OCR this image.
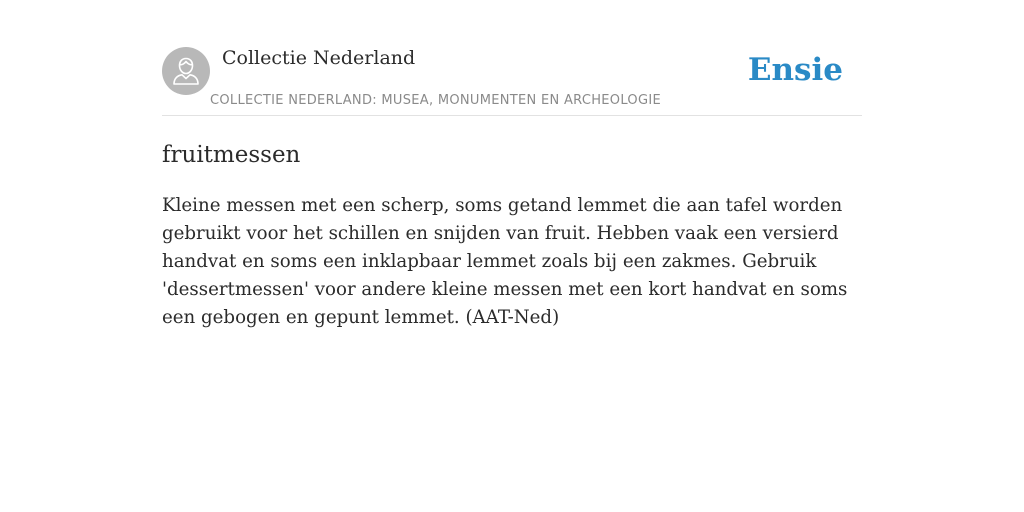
Collectie Nederland
COLLECTIE NEDERLAND: MUSEA, MONUMENTEN EN ARCHEOLOGIE
Ensie
fruitmessen

Kleine messen met een scherp, soms getand lemmet die aan tafel worden gebruikt voor het schillen en snijden van fruit. Hebben vaak een versierd handvat en soms een inklapbaar lemmet zoals bij een zakmes. Gebruik 'dessertmessen' voor andere kleine messen met een kort handvat en soms een gebogen en gepunt lemmet. (AAT-Ned)
